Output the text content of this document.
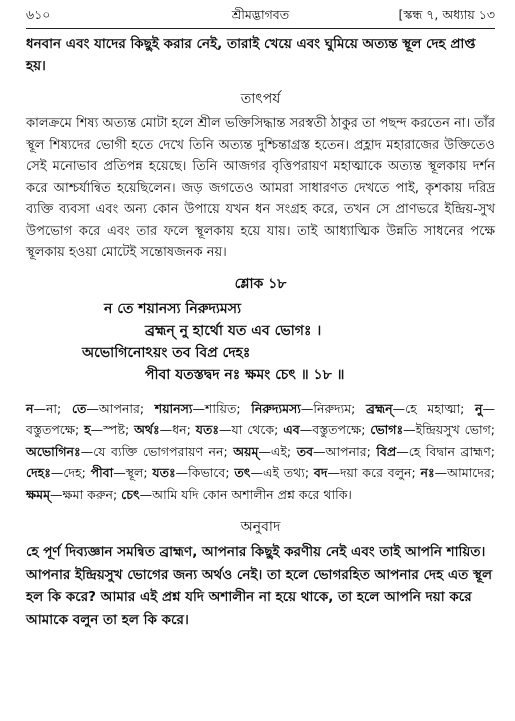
৬১০	শ্রীমদ্ভাগবত	[স্কন্ধ ৭, অধ্যায় ১৩

ধনবান এবং যাদের কিছুই করার নেই, তারাই খেয়ে এবং ঘুমিয়ে অত্যন্ত স্থূল দেহ প্রাপ্ত হয়।

তাৎপর্য

কালক্রমে শিষ্য অত্যন্ত মোটা হলে শ্রীল ভক্তিসিদ্ধান্ত সরস্বতী ঠাকুর তা পছন্দ করতেন না। তাঁর স্থূল শিষ্যদের ভোগী হতে দেখে তিনি অত্যন্ত দুশ্চিন্তাগ্রস্ত হতেন। প্রহ্লাদ মহারাজের উক্তিতেও সেই মনোভাব প্রতিপন্ন হয়েছে। তিনি আজগর বৃত্তিপরায়ণ মহাত্মাকে অত্যন্ত স্থূলকায় দর্শন করে আশ্চর্যান্বিত হয়েছিলেন। জড় জগতেও আমরা সাধারণত দেখতে পাই, কৃশকায় দরিদ্র ব্যক্তি ব্যবসা এবং অন্য কোন উপায়ে যখন ধন সংগ্রহ করে, তখন সে প্রাণভরে ইন্দ্রিয়-সুখ উপভোগ করে এবং তার ফলে স্থূলকায় হয়ে যায়। তাই আধ্যাত্মিক উন্নতি সাধনের পক্ষে স্থূলকায় হওয়া মোটেই সন্তোষজনক নয়।

শ্লোক ১৮
ন তে শয়ানস্য নিরুদ্যমস্য
ব্রহ্মন্ নু হার্থো যত এব ভোগঃ ।
অভোগিনোঽয়ং তব বিপ্র দেহঃ
পীবা যতস্তদ্বদ নঃ ক্ষমং চেৎ ॥ ১৮ ॥

ন—না; তে—আপনার; শয়ানস্য—শায়িত; নিরুদ্যমস্য—নিরুদ্যম; ব্রহ্মন্—হে মহাত্মা; নু—বস্তুতপক্ষে; হ—স্পষ্ট; অর্থঃ—ধন; যতঃ—যা থেকে; এব—বস্তুতপক্ষে; ভোগঃ—ইন্দ্রিয়সুখ ভোগ; অভোগিনঃ—যে ব্যক্তি ভোগপরায়ণ নন; অয়ম্—এই; তব—আপনার; বিপ্র—হে বিদ্বান ব্রাহ্মণ; দেহঃ—দেহ; পীবা—স্থূল; যতঃ—কিভাবে; তৎ—এই তথ্য; বদ—দয়া করে বলুন; নঃ—আমাদের; ক্ষমম্—ক্ষমা করুন; চেৎ—আমি যদি কোন অশালীন প্রশ্ন করে থাকি।

অনুবাদ

হে পূর্ণ দিব্যজ্ঞান সমন্বিত ব্রাহ্মণ, আপনার কিছুই করণীয় নেই এবং তাই আপনি শায়িত। আপনার ইন্দ্রিয়সুখ ভোগের জন্য অর্থও নেই। তা হলে ভোগরহিত আপনার দেহ এত স্থূল হল কি করে? আমার এই প্রশ্ন যদি অশালীন না হয়ে থাকে, তা হলে আপনি দয়া করে আমাকে বলুন তা হল কি করে।
